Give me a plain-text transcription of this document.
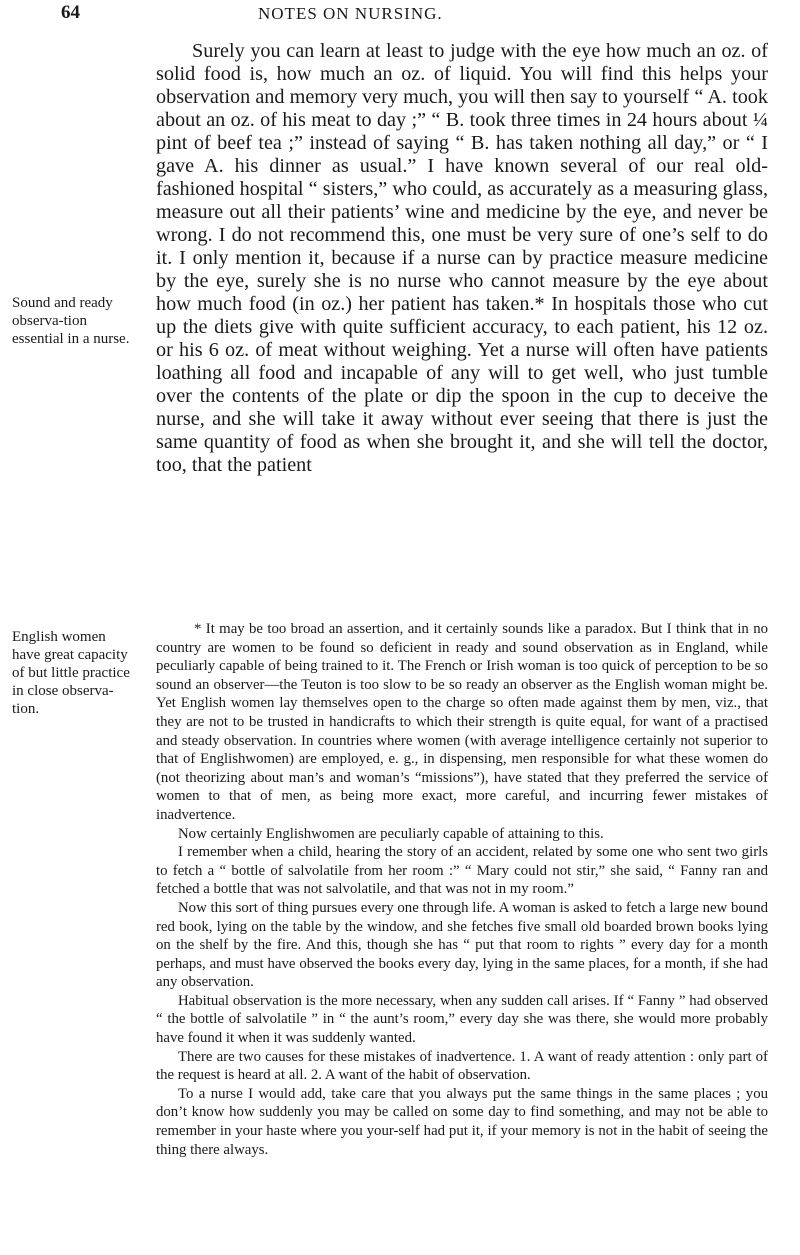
64	NOTES ON NURSING.
Sound and ready observa-tion essential in a nurse.
English women have great capacity of but little practice in close observa-tion.

Surely you can learn at least to judge with the eye how much an oz. of solid food is, how much an oz. of liquid. You will find this helps your observation and memory very much, you will then say to yourself “ A. took about an oz. of his meat to day ;” “ B. took three times in 24 hours about ¼ pint of beef tea ;” instead of saying “ B. has taken nothing all day,” or “ I gave A. his dinner as usual.” I have known several of our real old-fashioned hospital “ sisters,” who could, as accurately as a measuring glass, measure out all their patients’ wine and medicine by the eye, and never be wrong. I do not recommend this, one must be very sure of one’s self to do it. I only mention it, because if a nurse can by practice measure medicine by the eye, surely she is no nurse who cannot measure by the eye about how much food (in oz.) her patient has taken.* In hospitals those who cut up the diets give with quite sufficient accuracy, to each patient, his 12 oz. or his 6 oz. of meat without weighing. Yet a nurse will often have patients loathing all food and incapable of any will to get well, who just tumble over the contents of the plate or dip the spoon in the cup to deceive the nurse, and she will take it away without ever seeing that there is just the same quantity of food as when she brought it, and she will tell the doctor, too, that the patient

* It may be too broad an assertion, and it certainly sounds like a paradox. But I think that in no country are women to be found so deficient in ready and sound observation as in England, while peculiarly capable of being trained to it. The French or Irish woman is too quick of perception to be so sound an observer—the Teuton is too slow to be so ready an observer as the English woman might be. Yet English women lay themselves open to the charge so often made against them by men, viz., that they are not to be trusted in handicrafts to which their strength is quite equal, for want of a practised and steady observation. In countries where women (with average intelligence certainly not superior to that of Englishwomen) are employed, e. g., in dispensing, men responsible for what these women do (not theorizing about man’s and woman’s “missions”), have stated that they preferred the service of women to that of men, as being more exact, more careful, and incurring fewer mistakes of inadvertence.

Now certainly Englishwomen are peculiarly capable of attaining to this.

I remember when a child, hearing the story of an accident, related by some one who sent two girls to fetch a “ bottle of salvolatile from her room :” “ Mary could not stir,” she said, “ Fanny ran and fetched a bottle that was not salvolatile, and that was not in my room.”

Now this sort of thing pursues every one through life. A woman is asked to fetch a large new bound red book, lying on the table by the window, and she fetches five small old boarded brown books lying on the shelf by the fire. And this, though she has “ put that room to rights ” every day for a month perhaps, and must have observed the books every day, lying in the same places, for a month, if she had any observation.

Habitual observation is the more necessary, when any sudden call arises. If “ Fanny ” had observed “ the bottle of salvolatile ” in “ the aunt’s room,” every day she was there, she would more probably have found it when it was suddenly wanted.

There are two causes for these mistakes of inadvertence. 1. A want of ready attention : only part of the request is heard at all. 2. A want of the habit of observation.

To a nurse I would add, take care that you always put the same things in the same places ; you don’t know how suddenly you may be called on some day to find something, and may not be able to remember in your haste where you your-self had put it, if your memory is not in the habit of seeing the thing there always.
